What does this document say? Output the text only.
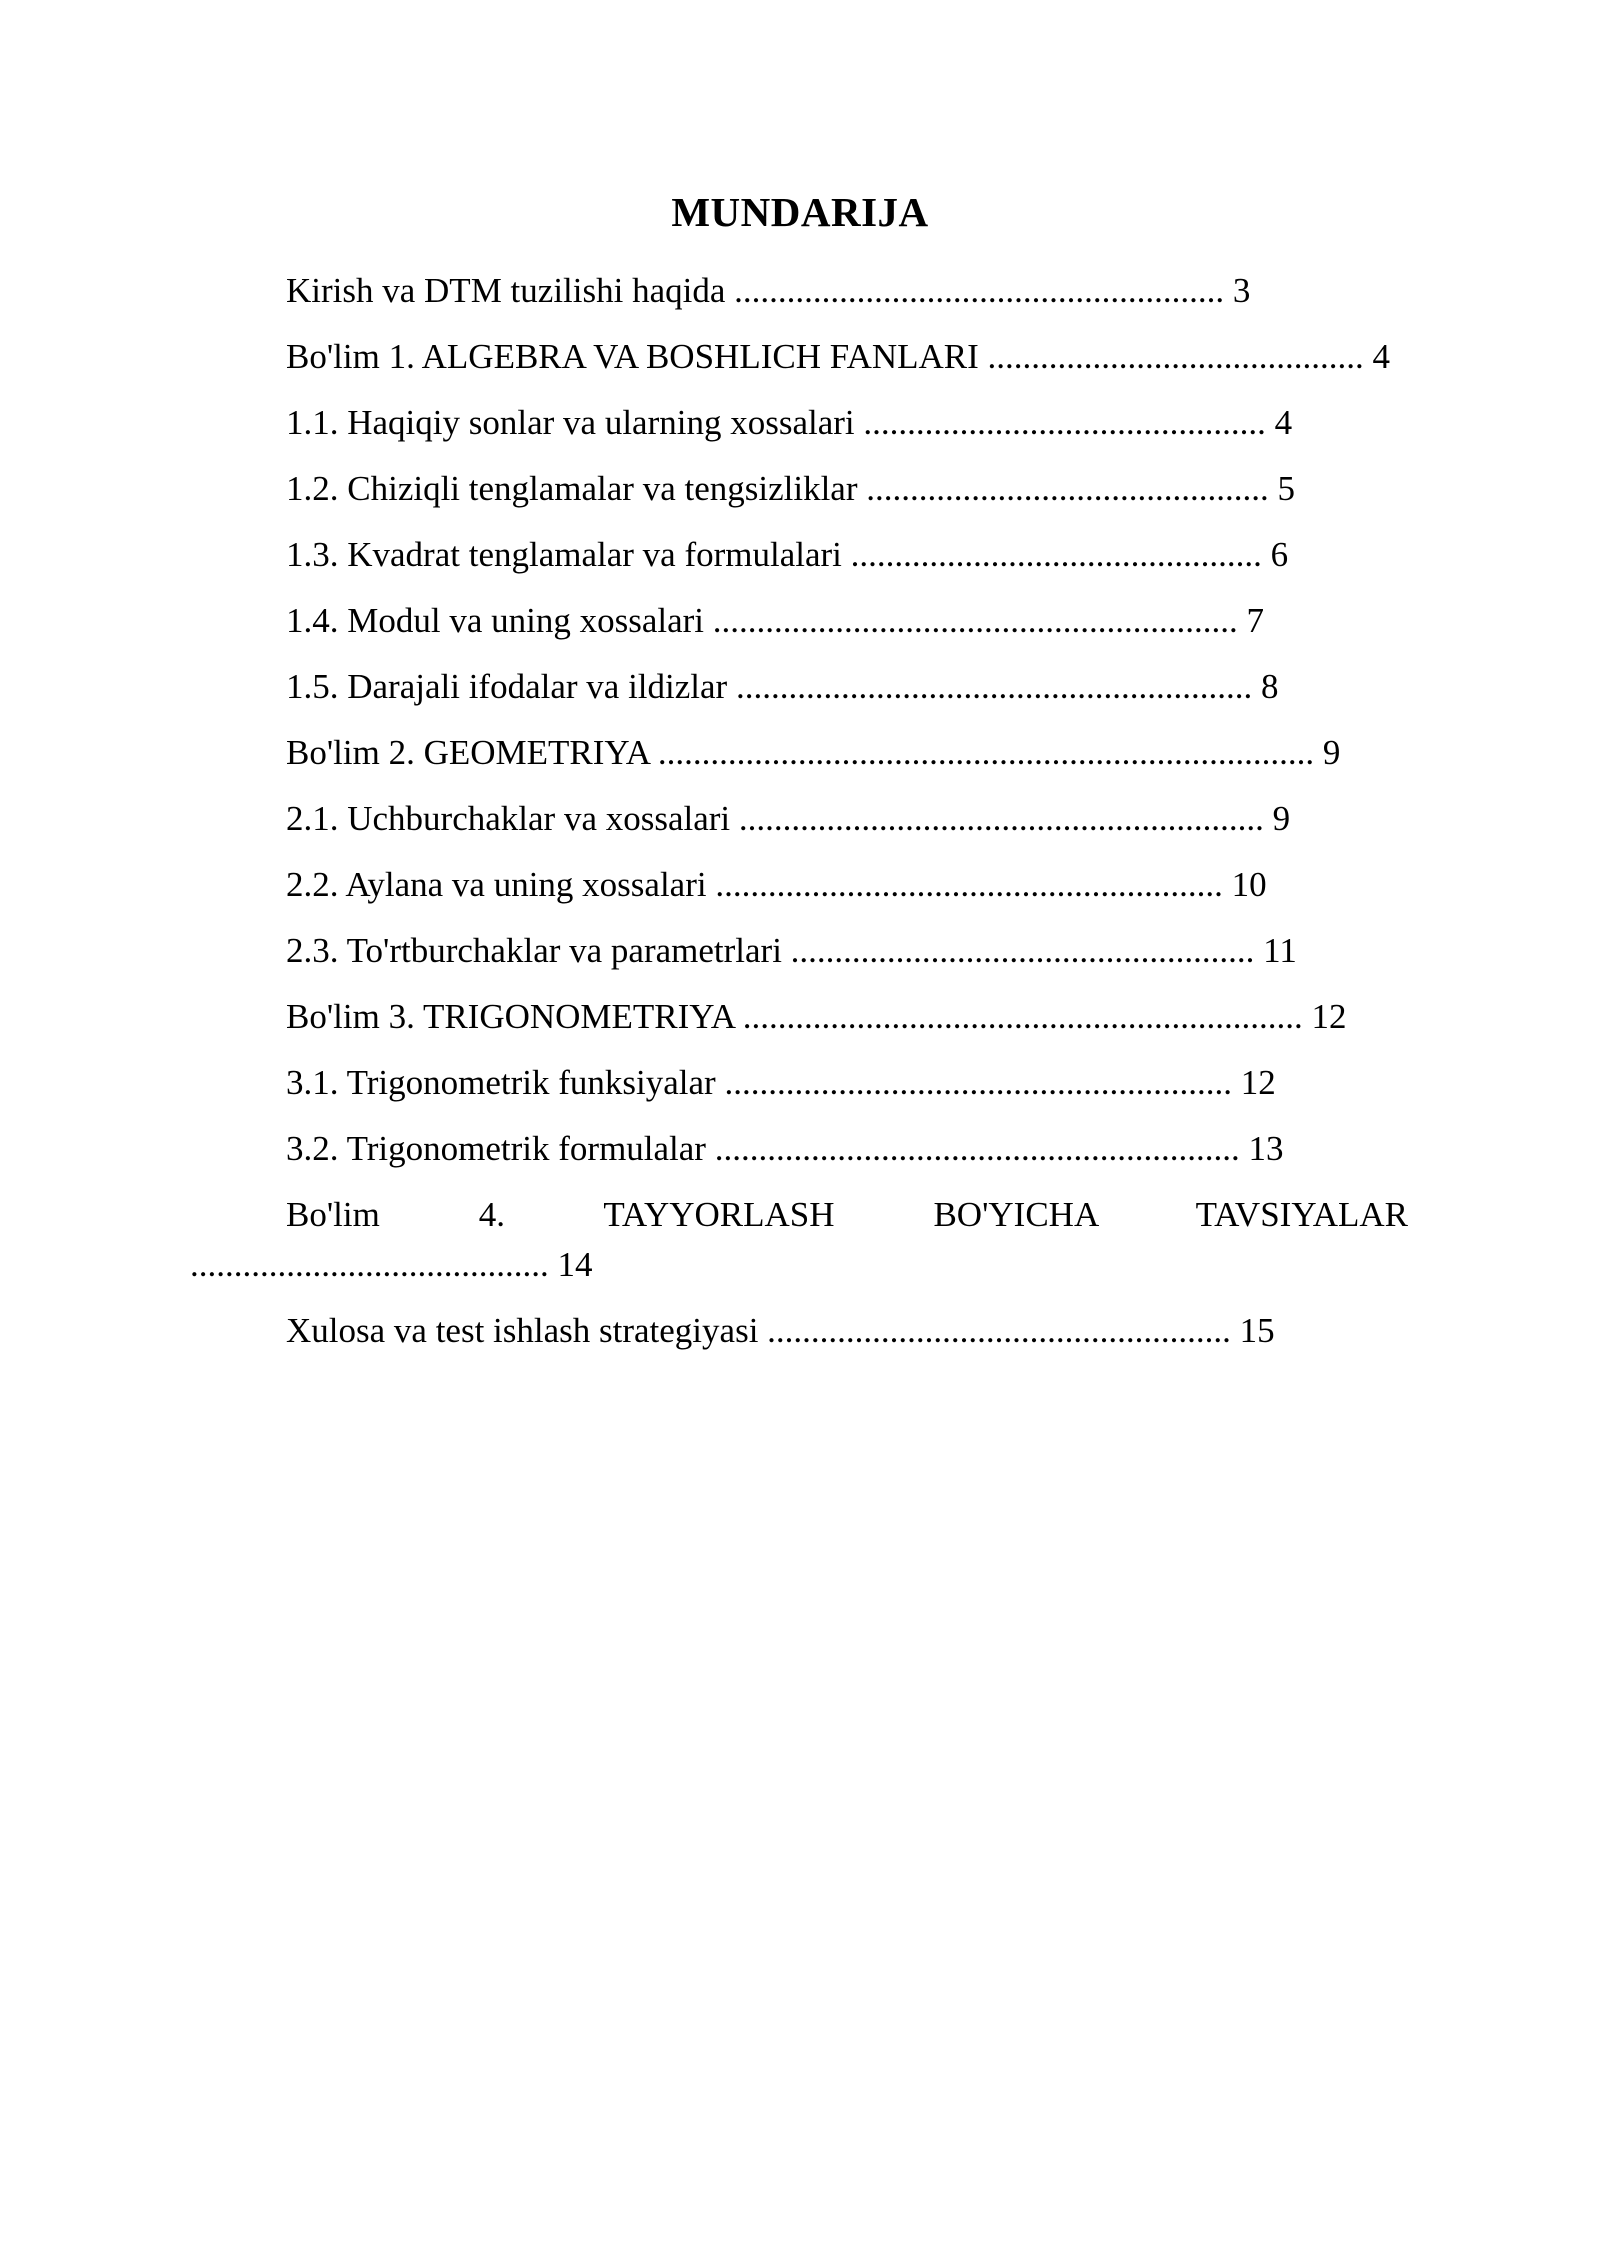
MUNDARIJA

Kirish va DTM tuzilishi haqida ........................................................ 3

Bo'lim 1. ALGEBRA VA BOSHLICH FANLARI ........................................... 4

1.1. Haqiqiy sonlar va ularning xossalari .............................................. 4

1.2. Chiziqli tenglamalar va tengsizliklar .............................................. 5

1.3. Kvadrat tenglamalar va formulalari ............................................... 6

1.4. Modul va uning xossalari ............................................................ 7

1.5. Darajali ifodalar va ildizlar ........................................................... 8

Bo'lim 2. GEOMETRIYA ........................................................................... 9

2.1. Uchburchaklar va xossalari ............................................................ 9

2.2. Aylana va uning xossalari .......................................................... 10

2.3. To'rtburchaklar va parametrlari ..................................................... 11

Bo'lim 3. TRIGONOMETRIYA ................................................................ 12

3.1. Trigonometrik funksiyalar .......................................................... 12

3.2. Trigonometrik formulalar ............................................................ 13

Bo'lim 4. TAYYORLASH BO'YICHA TAVSIYALAR ......................................... 14

Xulosa va test ishlash strategiyasi ..................................................... 15
